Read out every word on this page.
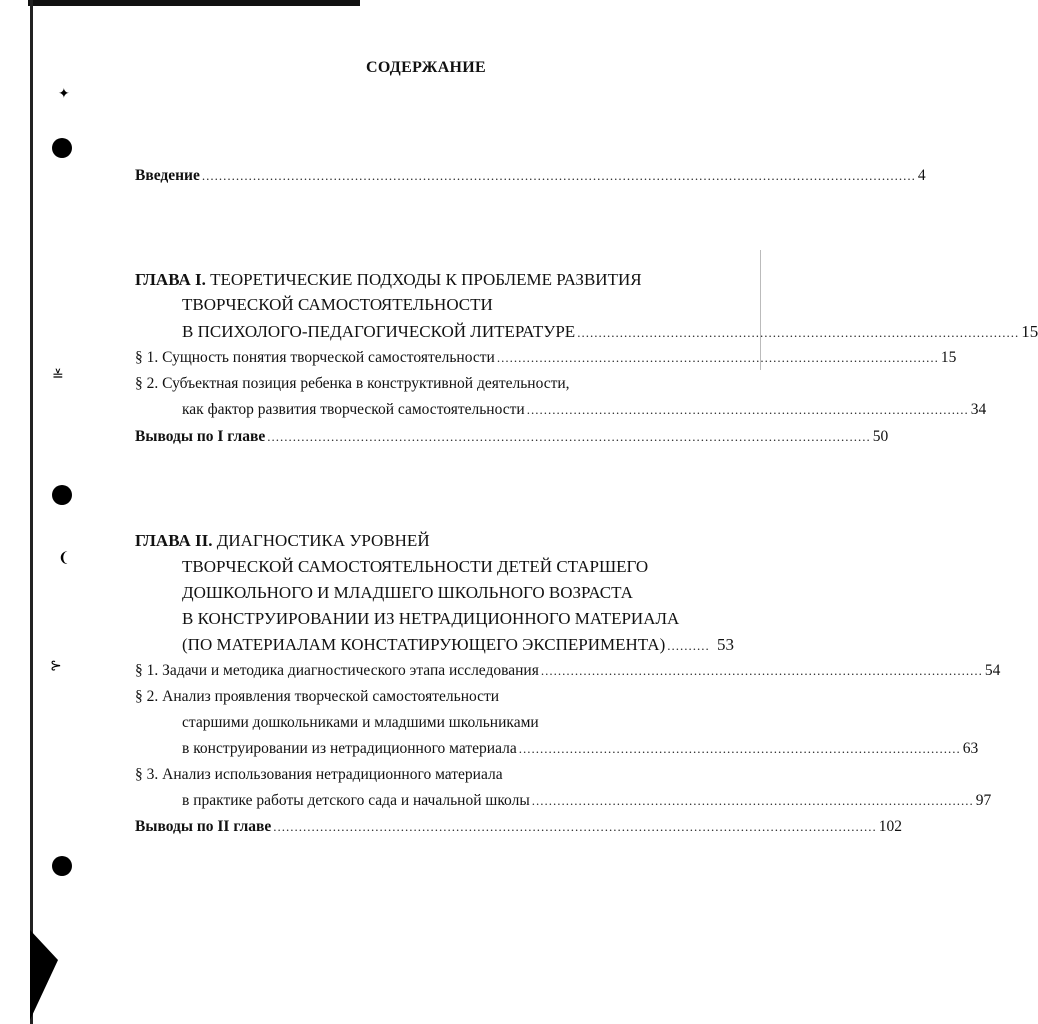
✦
≚
❨
⊱
СОДЕРЖАНИЕ
Введение ........................................................................................................................................................................ 4
ГЛАВА I. ТЕОРЕТИЧЕСКИЕ ПОДХОДЫ К ПРОБЛЕМЕ РАЗВИТИЯ
ТВОРЧЕСКОЙ САМОСТОЯТЕЛЬНОСТИ
В ПСИХОЛОГО-ПЕДАГОГИЧЕСКОЙ ЛИТЕРАТУРЕ ........................................................................................................ 15
§ 1. Сущность понятия творческой самостоятельности ........................................................................................................ 15
§ 2. Субъектная позиция ребенка в конструктивной деятельности,
как фактор развития творческой самостоятельности ........................................................................................................ 34
Выводы по I главе .............................................................................................................................................. 50
ГЛАВА II. ДИАГНОСТИКА УРОВНЕЙ
ТВОРЧЕСКОЙ САМОСТОЯТЕЛЬНОСТИ ДЕТЕЙ СТАРШЕГО
ДОШКОЛЬНОГО И МЛАДШЕГО ШКОЛЬНОГО ВОЗРАСТА
В КОНСТРУИРОВАНИИ ИЗ НЕТРАДИЦИОННОГО МАТЕРИАЛА
(ПО МАТЕРИАЛАМ КОНСТАТИРУЮЩЕГО ЭКСПЕРИМЕНТА) .......... 53
§ 1. Задачи и методика диагностического этапа исследования ........................................................................................................ 54
§ 2. Анализ проявления творческой самостоятельности
старшими дошкольниками и младшими школьниками
в конструировании из нетрадиционного материала ........................................................................................................ 63
§ 3. Анализ использования нетрадиционного материала
в практике работы детского сада и начальной школы ........................................................................................................ 97
Выводы по II главе .............................................................................................................................................. 102
